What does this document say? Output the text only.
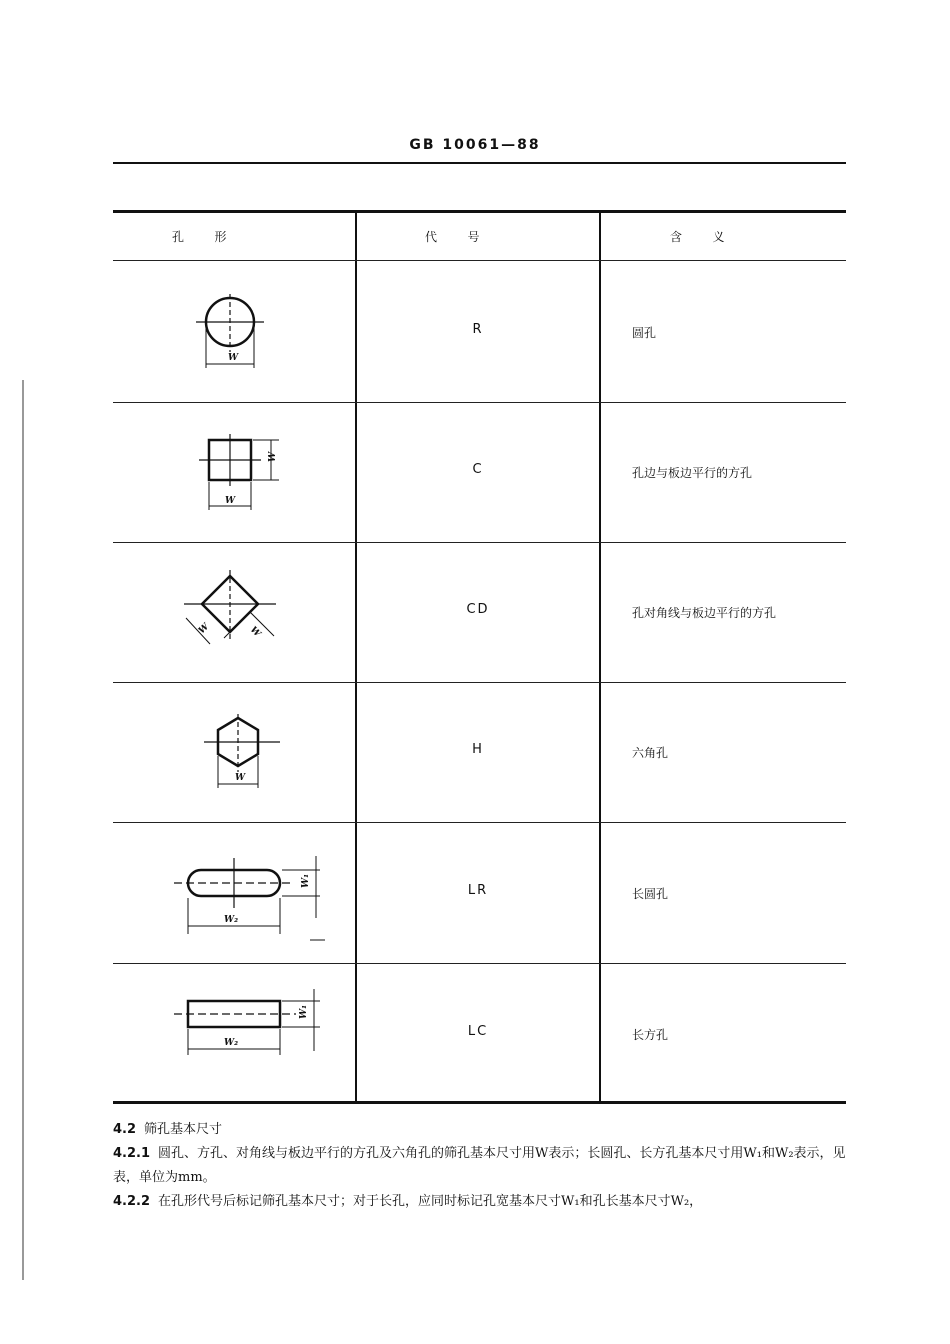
GB 10061—88
孔        形	代        号	含        义
R	圆孔
W
C	孔边与板边平行的方孔
W
W
CD	孔对角线与板边平行的方孔
W	W
H	六角孔
W
LR	长圆孔
W₂
W₁
LC	长方孔
W₂
W₁
4.2 筛孔基本尺寸
4.2.1 圆孔、方孔、对角线与板边平行的方孔及六角孔的筛孔基本尺寸用W表示；长圆孔、长方孔基本尺寸用W₁和W₂表示，见表，单位为mm。
4.2.2 在孔形代号后标记筛孔基本尺寸；对于长孔，应同时标记孔宽基本尺寸W₁和孔长基本尺寸W₂，
